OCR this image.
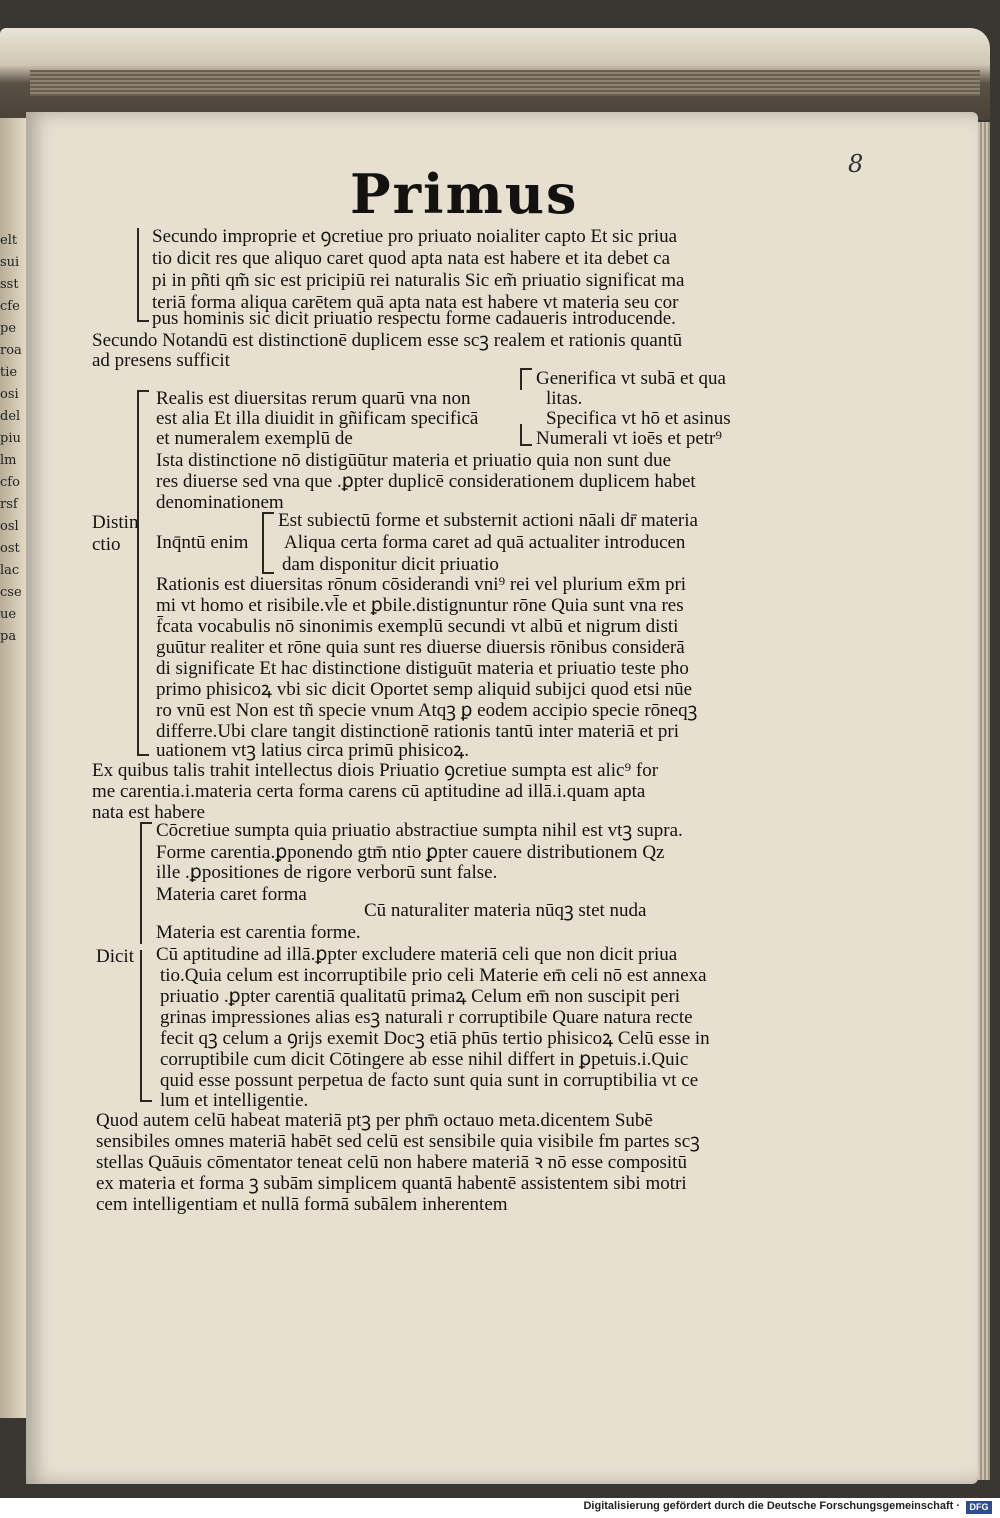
eltsuisstcfeperoatieosidelpiulmcforsfoslostlaccseuepa
8
Primus
Secundo improprie et ꝯcretiue pro priuato noialiter capto Et sic priua
tio dicit res que aliquo caret quod apta nata est habere et ita debet ca
pi in pñti qm̃ sic est pricipiū rei naturalis Sic em̃ priuatio significat ma
teriā forma aliqua carētem quā apta nata est habere vt materia seu cor
pus hominis sic dicit priuatio respectu forme cadaueris introducende.
Secundo Notandū est distinctionē duplicem esse scꝫ realem et rationis quantū
ad presens sufficit
Generifica vt subā et qua
Realis est diuersitas rerum quarū vna non	litas.
est alia Et illa diuidit in gñificam specificā	Specifica vt hō et asinus
et numeralem exemplū de	Numerali vt ioēs et petr⁹
Ista distinctione nō distigūūtur materia et priuatio quia non sunt due
res diuerse sed vna que .ꝑpter duplicē considerationem duplicem habet
denominationem
Distin	Est subiectū forme et substernit actioni nāali dr̄ materia
ctio Inq̄ntū enim Aliqua certa forma caret ad quā actualiter introducen
dam disponitur dicit priuatio
Rationis est diuersitas rōnum cōsiderandi vni⁹ rei vel plurium ex̄m pri
mi vt homo et risibile.vl̄e et ꝑbile.distignuntur rōne Quia sunt vna res
f̄cata vocabulis nō sinonimis exemplū secundi vt albū et nigrum disti
guūtur realiter et rōne quia sunt res diuerse diuersis rōnibus considerā
di significate Et hac distinctione distiguūt materia et priuatio teste pho
primo phisicoꝝ vbi sic dicit Oportet semp aliquid subijci quod etsi nūe
ro vnū est Non est tñ specie vnum Atqꝫ ꝑ eodem accipio specie rōneqꝫ
differre.Ubi clare tangit distinctionē rationis tantū inter materiā et pri
uationem vtꝫ latius circa primū phisicoꝝ.
Ex quibus talis trahit intellectus diois Priuatio ꝯcretiue sumpta est alic⁹ for
me carentia.i.materia certa forma carens cū aptitudine ad illā.i.quam apta
nata est habere
Cōcretiue sumpta quia priuatio abstractiue sumpta nihil est vtꝫ supra.
Forme carentia.ꝑponendo gtm̄ ntio ꝑpter cauere distributionem Qz
ille .ꝑpositiones de rigore verborū sunt false.
Materia caret forma
Cū naturaliter materia nūqꝫ stet nuda
Materia est carentia forme.
Dicit Cū aptitudine ad illā.ꝑpter excludere materiā celi que non dicit priua
tio.Quia celum est incorruptibile prio celi Materie em̄ celi nō est annexa
priuatio .ꝑpter carentiā qualitatū primaꝝ Celum em̄ non suscipit peri
grinas impressiones alias esꝫ naturali r corruptibile Quare natura recte
fecit qꝫ celum a ꝯrijs exemit Docꝫ etiā phūs tertio phisicoꝝ Celū esse in
corruptibile cum dicit Cōtingere ab esse nihil differt in ꝑpetuis.i.Quic
quid esse possunt perpetua de facto sunt quia sunt in corruptibilia vt ce
lum et intelligentie.
Quod autem celū habeat materiā ptꝫ per phm̄ octauo meta.dicentem Subē
sensibiles omnes materiā habēt sed celū est sensibile quia visibile fm partes scꝫ
stellas Quāuis cōmentator teneat celū non habere materiā ꝛ nō esse compositū
ex materia et forma ꝫ subām simplicem quantā habentē assistentem sibi motri
cem intelligentiam et nullā formā subālem inherentem
Digitalisierung gefördert durch die Deutsche Forschungsgemeinschaft ·	DFG
